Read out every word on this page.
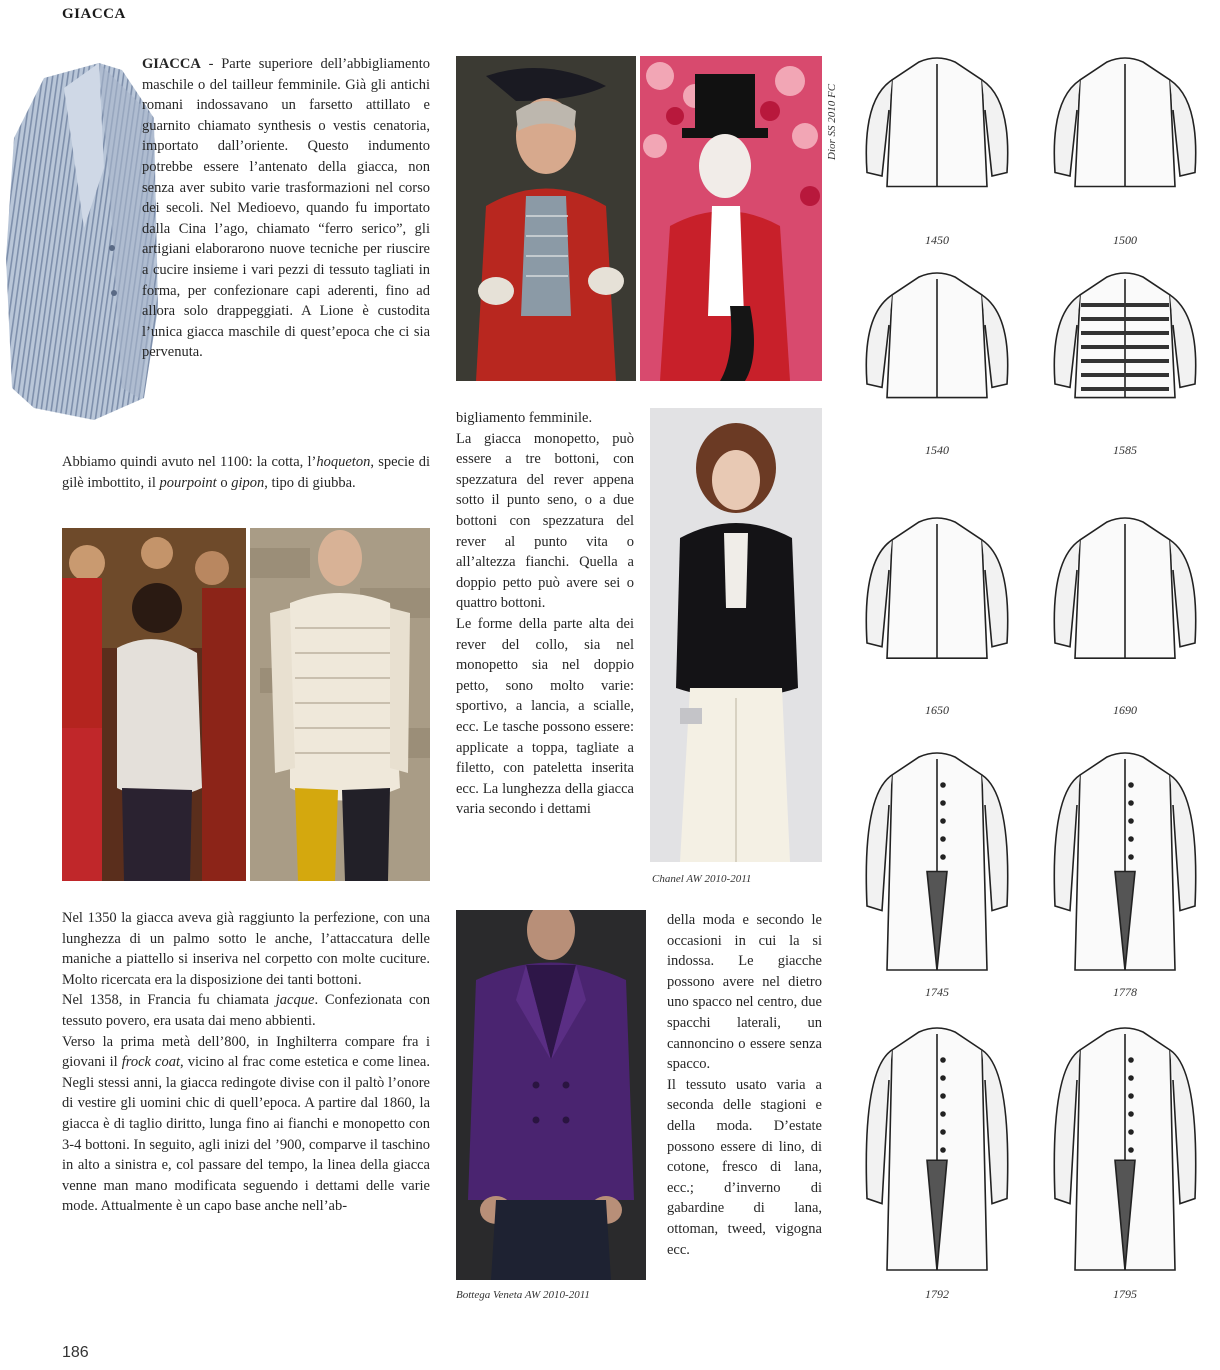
GIACCA
GIACCA - Parte superiore dell’abbigliamento maschile o del tailleur femminile. Già gli antichi romani indossavano un farsetto attillato e guarnito chiamato synthesis o vestis cenatoria, importato dall’oriente. Questo indumento potrebbe essere l’antenato della giacca, non senza aver subito varie trasformazioni nel corso dei secoli. Nel Medioevo, quando fu importato dalla Cina l’ago, chiamato “ferro serico”, gli artigiani elaborarono nuove tecniche per riuscire a cucire insieme i vari pezzi di tessuto tagliati in forma, per confezionare capi aderenti, fino ad allora solo drappeggiati. A Lione è custodita l’unica giacca maschile di quest’epoca che ci sia pervenuta.
Abbiamo quindi avuto nel 1100: la cotta, l’hoqueton, specie di gilè imbottito, il pourpoint o gipon, tipo di giubba.

Nel 1350 la giacca aveva già raggiunto la perfezione, con una lunghezza di un palmo sotto le anche, l’attaccatura delle maniche a piattello si inseriva nel corpetto con molte cuciture. Molto ricercata era la disposizione dei tanti bottoni.

Nel 1358, in Francia fu chiamata jacque. Confezionata con tessuto povero, era usata dai meno abbienti.

Verso la prima metà dell’800, in Inghilterra compare fra i giovani il frock coat, vicino al frac come estetica e come linea. Negli stessi anni, la giacca redingote divise con il paltò l’onore di vestire gli uomini chic di quell’epoca. A partire dal 1860, la giacca è di taglio diritto, lunga fino ai fianchi e monopetto con 3-4 bottoni. In seguito, agli inizi del ’900, comparve il taschino in alto a sinistra e, col passare del tempo, la linea della giacca venne man mano modificata seguendo i dettami delle varie mode. Attualmente è un capo base anche nell’ab-

Dior SS 2010 FC

bigliamento femminile.

La giacca monopetto, può essere a tre bottoni, con spezzatura del rever appena sotto il punto seno, o a due bottoni con spezzatura del rever al punto vita o all’altezza fianchi. Quella a doppio petto può avere sei o quattro bottoni.

Le forme della parte alta dei rever del collo, sia nel monopetto sia nel doppio petto, sono molto varie: sportivo, a lancia, a scialle, ecc. Le tasche possono essere: applicate a toppa, tagliate a filetto, con pateletta inserita ecc. La lunghezza della giacca varia secondo i dettami

Chanel AW 2010-2011
Bottega Veneta AW 2010-2011

della moda e secondo le occasioni in cui la si indossa. Le giacche possono avere nel dietro uno spacco nel centro, due spacchi laterali, un cannoncino o essere senza spacco.

Il tessuto usato varia a seconda delle stagioni e della moda. D’estate possono essere di lino, di cotone, fresco di lana, ecc.; d’inverno di gabardine di lana, ottoman, tweed, vigogna ecc.

1450	1500
1540	1585
1650	1690
1745	1778
1792	1795
186
